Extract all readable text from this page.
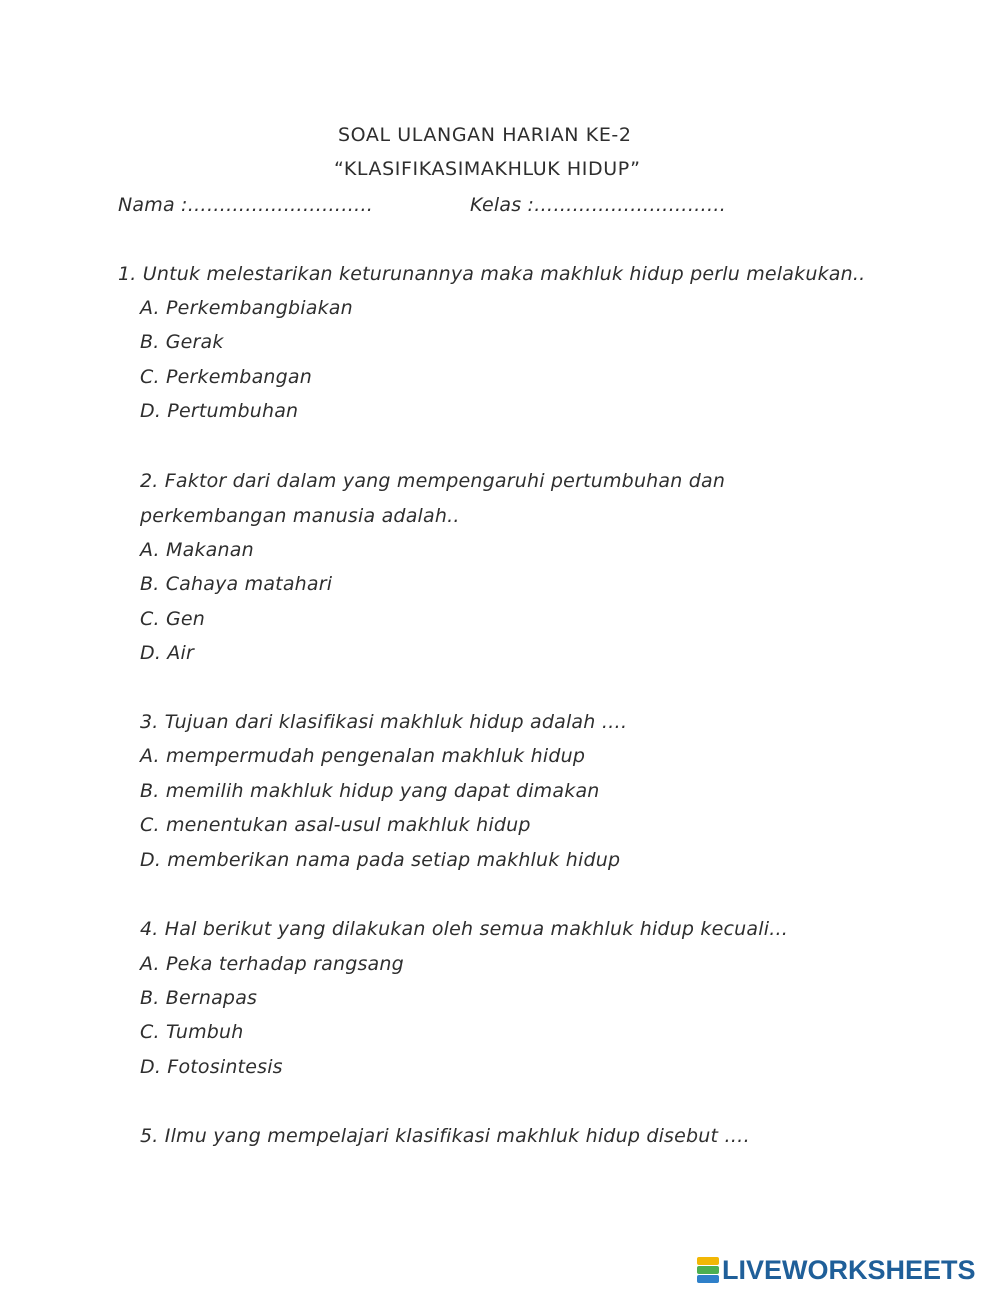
SOAL ULANGAN HARIAN KE-2
“KLASIFIKASIMAKHLUK HIDUP”
Nama :………………………..	Kelas :…………………………
1. Untuk melestarikan keturunannya maka makhluk hidup perlu melakukan..
A. Perkembangbiakan
B. Gerak
C. Perkembangan
D. Pertumbuhan
2. Faktor dari dalam yang mempengaruhi pertumbuhan dan
perkembangan manusia adalah..
A. Makanan
B. Cahaya matahari
C. Gen
D. Air
3. Tujuan dari klasifikasi makhluk hidup adalah ….
A. mempermudah pengenalan makhluk hidup
B. memilih makhluk hidup yang dapat dimakan
C. menentukan asal-usul makhluk hidup
D. memberikan nama pada setiap makhluk hidup
4. Hal berikut yang dilakukan oleh semua makhluk hidup kecuali...
A. Peka terhadap rangsang
B. Bernapas
C. Tumbuh
D. Fotosintesis
5. Ilmu yang mempelajari klasifikasi makhluk hidup disebut ….
LIVEWORKSHEETS
